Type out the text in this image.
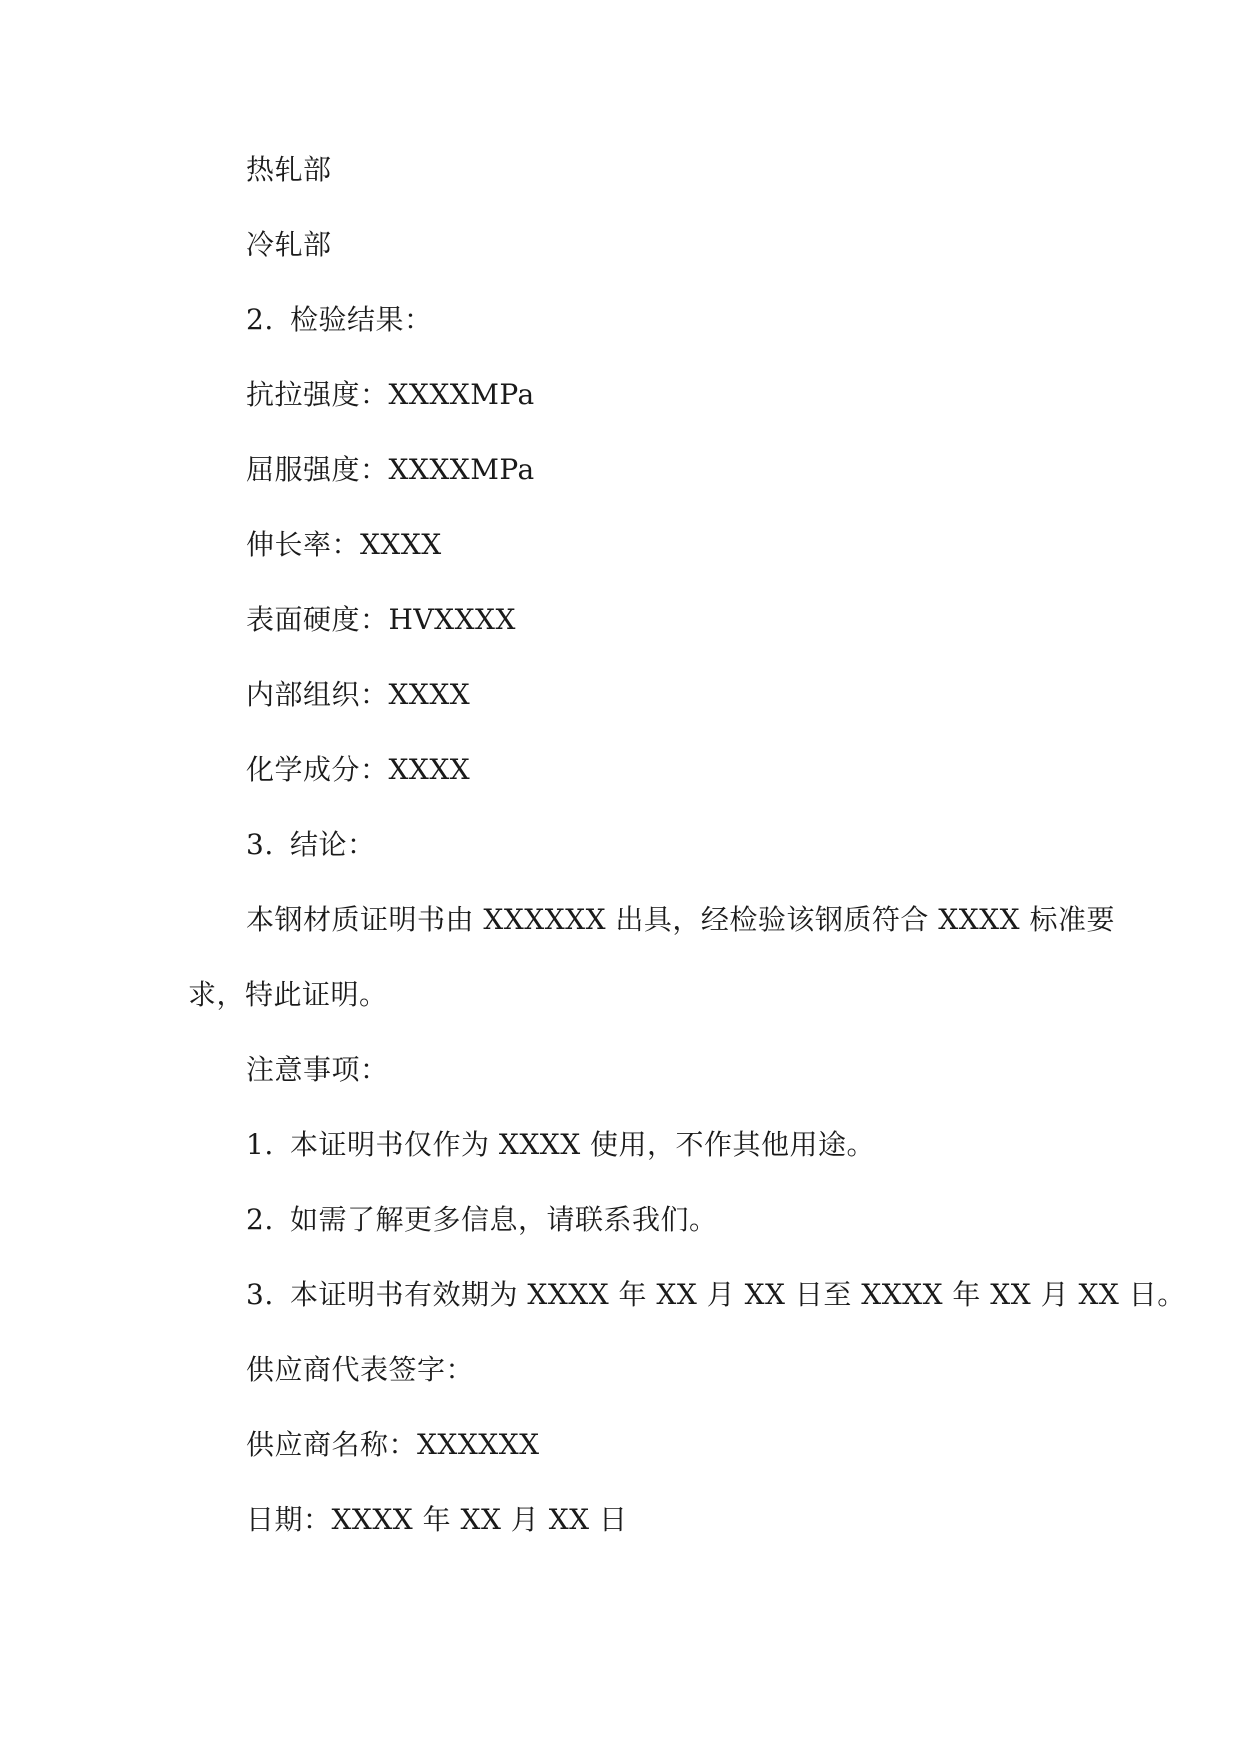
热轧部
冷轧部
2. 检验结果：
抗拉强度：XXXXMPa
屈服强度：XXXXMPa
伸长率：XXXX
表面硬度：HVXXXX
内部组织：XXXX
化学成分：XXXX
3. 结论：
本钢材质证明书由 XXXXXX 出具，经检验该钢质符合 XXXX 标准要
求，特此证明。
注意事项：
1. 本证明书仅作为 XXXX 使用，不作其他用途。
2. 如需了解更多信息，请联系我们。
3. 本证明书有效期为 XXXX 年 XX 月 XX 日至 XXXX 年 XX 月 XX 日。
供应商代表签字：
供应商名称：XXXXXX
日期：XXXX 年 XX 月 XX 日
